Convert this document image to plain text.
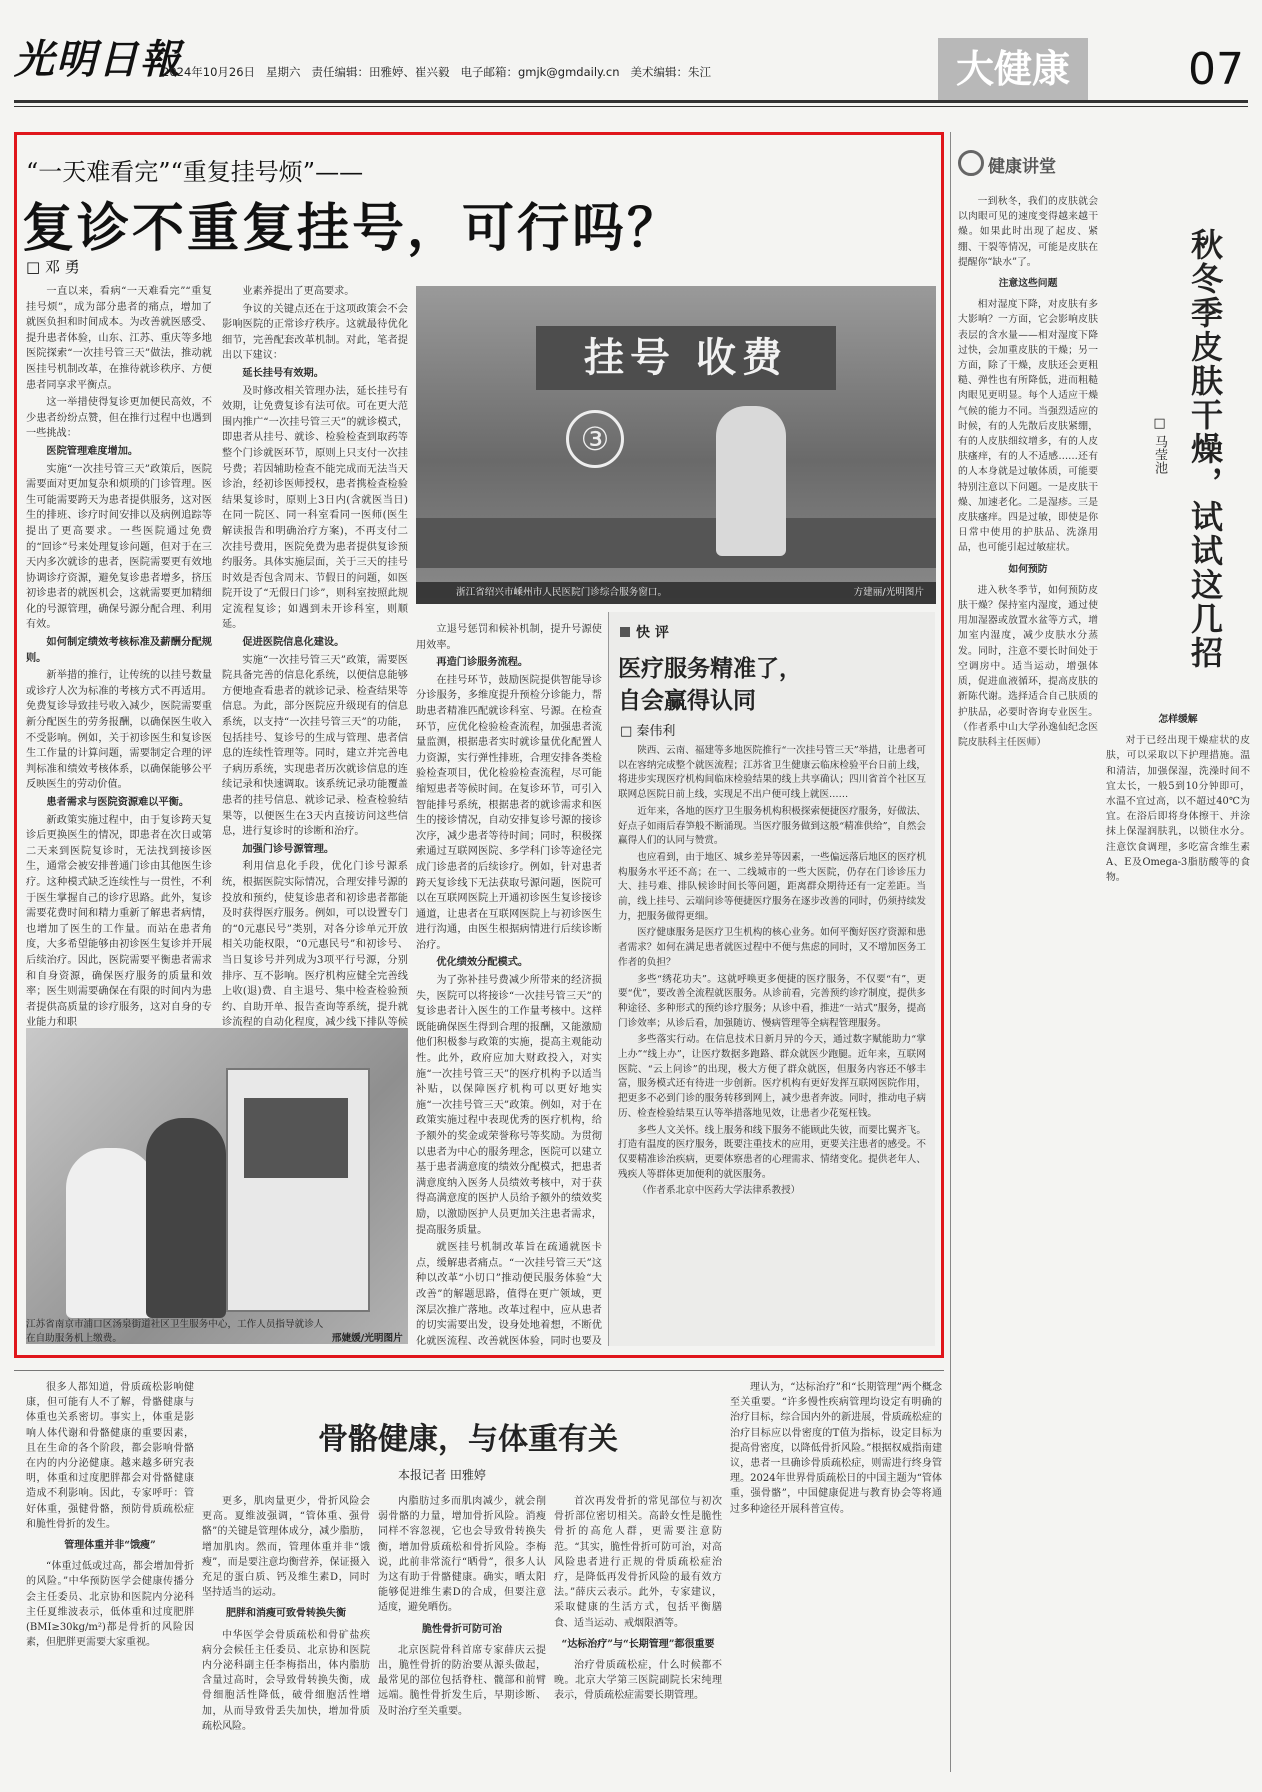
光明日報
2024年10月26日 星期六 责任编辑：田雅婷、崔兴毅 电子邮箱：gmjk@gmdaily.cn 美术编辑：朱江	大健康	07
“一天难看完”“重复挂号烦”——
复诊不重复挂号，可行吗？
□ 邓 勇

一直以来，看病“一天难看完”“重复挂号烦”，成为部分患者的痛点，增加了就医负担和时间成本。为改善就医感受、提升患者体验，山东、江苏、重庆等多地医院探索“一次挂号管三天”做法，推动就医挂号机制改革，在推待就诊秩序、方便患者同享求平衡点。

这一举措使得复诊更加便民高效，不少患者纷纷点赞，但在推行过程中也遇到一些挑战：

医院管理难度增加。

实施“一次挂号管三天”政策后，医院需要面对更加复杂和烦琐的门诊管理。医生可能需要跨天为患者提供服务，这对医生的排班、诊疗时间安排以及病例追踪等提出了更高要求。一些医院通过免费的“回诊”号来处理复诊问题，但对于在三天内多次就诊的患者，医院需要更有效地协调诊疗资源，避免复诊患者增多，挤压初诊患者的就医机会，这就需要更加精细化的号源管理，确保号源分配合理、利用有效。

如何制定绩效考核标准及薪酬分配规则。

新举措的推行，让传统的以挂号数量或诊疗人次为标准的考核方式不再适用。免费复诊导致挂号收入减少，医院需要重新分配医生的劳务报酬，以确保医生收入不受影响。例如，关于初诊医生和复诊医生工作量的计算问题，需要制定合理的评判标准和绩效考核体系，以确保能够公平反映医生的劳动价值。

患者需求与医院资源难以平衡。

新政策实施过程中，由于复诊跨天复诊后更换医生的情况，即患者在次日或第二天来到医院复诊时，无法找到接诊医生，通常会被安排普通门诊由其他医生诊疗。这种模式缺乏连续性与一贯性，不利于医生掌握自己的诊疗思路。此外，复诊需要花费时间和精力重新了解患者病情，也增加了医生的工作量。而站在患者角度，大多希望能够由初诊医生复诊并开展后续治疗。因此，医院需要平衡患者需求和自身资源，确保医疗服务的质量和效率；医生则需要确保在有限的时间内为患者提供高质量的诊疗服务，这对自身的专业能力和职

业素养提出了更高要求。

争议的关键点还在于这项政策会不会影响医院的正常诊疗秩序。这就最待优化细节，完善配套改革机制。对此，笔者提出以下建议：

延长挂号有效期。

及时修改相关管理办法，延长挂号有效期，让免费复诊有法可依。可在更大范围内推广“一次挂号管三天”的就诊模式，即患者从挂号、就诊、检验检查到取药等整个门诊就医环节，原则上只支付一次挂号费；若因辅助检查不能完成而无法当天诊治，经初诊医师授权，患者携检查检验结果复诊时，原则上3日内(含就医当日)在同一院区、同一科室看同一医师(医生解读报告和明确治疗方案)，不再支付二次挂号费用，医院免费为患者提供复诊预约服务。具体实施层面，关于三天的挂号时效是否包含周末、节假日的问题，如医院开设了“无假日门诊”，则科室按照此规定流程复诊；如遇到未开诊科室，则顺延。

促进医院信息化建设。

实施“一次挂号管三天”政策，需要医院具备完善的信息化系统，以便信息能够方便地查看患者的就诊记录、检查结果等信息。为此，部分医院应升级现有的信息系统，以支持“一次挂号管三天”的功能，包括挂号、复诊号的生成与管理、患者信息的连续性管理等。同时，建立并完善电子病历系统，实现患者历次就诊信息的连续记录和快速调取。该系统记录功能覆盖患者的挂号信息、就诊记录、检查检验结果等，以便医生在3天内直接访问这些信息，进行复诊时的诊断和治疗。

加强门诊号源管理。

利用信息化手段，优化门诊号源系统，根据医院实际情况，合理安排号源的投放和预约，使复诊患者和初诊患者都能及时获得医疗服务。例如，可以设置专门的“0元惠民号”类别，对各分诊单元开放相关功能权限，“0元惠民号”和初诊号、当日复诊号并列成为3项平行号源，分别排序、互不影响。医疗机构应健全完善线上收(退)费、自主退号、集中检查检验预约、自助开单、报告查询等系统，提升就诊流程的自动化程度，减少线下排队等候

立退号惩罚和候补机制，提升号源使用效率。

再造门诊服务流程。

在挂号环节，鼓励医院提供智能导诊分诊服务，多维度提升预检分诊能力，帮助患者精准匹配就诊科室、号源。在检查环节，应优化检验检查流程，加强患者流量监测，根据患者实时就诊量优化配置人力资源，实行弹性排班，合理安排各类检验检查项目，优化检验检查流程，尽可能缩短患者等候时间。在复诊环节，可引入智能排号系统，根据患者的就诊需求和医生的接诊情况，自动安排复诊号源的接诊次序，减少患者等待时间；同时，积极探索通过互联网医院、多学科门诊等途径完成门诊患者的后续诊疗。例如，针对患者跨天复诊线下无法获取号源问题，医院可以在互联网医院上开通初诊医生复诊接诊通道，让患者在互联网医院上与初诊医生进行沟通，由医生根据病情进行后续诊断治疗。

优化绩效分配模式。

为了弥补挂号费减少所带来的经济损失，医院可以将接诊“一次挂号管三天”的复诊患者计入医生的工作量考核中。这样既能确保医生得到合理的报酬，又能激励他们积极参与政策的实施，提高主观能动性。此外，政府应加大财政投入，对实施“一次挂号管三天”的医疗机构予以适当补贴，以保障医疗机构可以更好地实施“一次挂号管三天”政策。例如，对于在政策实施过程中表现优秀的医疗机构，给予额外的奖金或荣誉称号等奖励。为贯彻以患者为中心的服务理念，医院可以建立基于患者满意度的绩效分配模式，把患者满意度纳入医务人员绩效考核中，对于获得高满意度的医护人员给予额外的绩效奖励，以激励医护人员更加关注患者需求，提高服务质量。

就医挂号机制改革旨在疏通就医卡点，缓解患者痛点。“一次挂号管三天”这种以改革“小切口”推动便民服务体验“大改善”的解题思路，值得在更广领域，更深层次推广落地。改革过程中，应从患者的切实需要出发，设身处地着想，不断优化就医流程、改善就医体验，同时也要及

挂号 收费
③
浙江省绍兴市嵊州市人民医院门诊综合服务窗口。	方建丽/光明图片
江苏省南京市浦口区汤泉街道社区卫生服务中心，工作人员指导就诊人在自助服务机上缴费。	邢婕媛/光明图片
快 评
医疗服务精准了，
自会赢得认同
□ 秦伟利

陕西、云南、福建等多地医院推行“一次挂号管三天”举措，让患者可以在容纳完成整个就医流程；江苏省卫生健康云临床检验平台日前上线，将进步实现医疗机构间临床检验结果的线上共享确认；四川省首个社区互联网总医院日前上线，实现足不出户便可线上就医……

近年来，各地的医疗卫生服务机构积极探索便捷医疗服务，好做法、好点子如雨后春笋般不断涌现。当医疗服务做到这般“精准供给”，自然会赢得人们的认同与赞赏。

也应看到，由于地区、城乡差异等因素，一些偏远落后地区的医疗机构服务水平还不高；在一、二线城市的一些大医院，仍存在门诊诊压力大、挂号难、排队候诊时间长等问题，距离群众期待还有一定差距。当前，线上挂号、云端问诊等便捷医疗服务在逐步改善的同时，仍须持续发力，把服务做得更细。

医疗健康服务是医疗卫生机构的核心业务。如何平衡好医疗资源和患者需求？如何在满足患者就医过程中不便与焦虑的同时，又不增加医务工作者的负担？

多些“绣花功夫”。这就呼唤更多便捷的医疗服务，不仅要“有”，更要“优”，要改善全流程就医服务。从诊前看，完善预约诊疗制度，提供多种途径、多种形式的预约诊疗服务；从诊中看，推进“一站式”服务，提高门诊效率；从诊后看，加强随访、慢病管理等全病程管理服务。

多些落实行动。在信息技术日新月异的今天，通过数字赋能助力“掌上办”“线上办”，让医疗数据多跑路、群众就医少跑腿。近年来，互联网医院、“云上问诊”的出现，极大方便了群众就医，但服务内容还不够丰富，服务模式还有待进一步创新。医疗机构有更好发挥互联网医院作用，把更多不必到门诊的服务转移到网上，减少患者奔波。同时，推动电子病历、检查检验结果互认等举措落地见效，让患者少花冤枉钱。

多些人文关怀。线上服务和线下服务不能顾此失彼，而要比翼齐飞。打造有温度的医疗服务，既要注重技术的应用，更要关注患者的感受。不仅要精准诊治疾病，更要体察患者的心理需求、情绪变化。提供老年人、残疾人等群体更加便利的就医服务。

（作者系北京中医药大学法律系教授）

健康讲堂
秋冬季皮肤干燥，试试这几招
□ 马莹池

一到秋冬，我们的皮肤就会以肉眼可见的速度变得越来越干燥。如果此时出现了起皮、紧绷、干裂等情况，可能是皮肤在提醒你“缺水”了。

注意这些问题

相对湿度下降，对皮肤有多大影响？一方面，它会影响皮肤表层的含水量——相对湿度下降过快，会加重皮肤的干燥；另一方面，除了干燥，皮肤还会更粗糙、弹性也有所降低，进而粗糙肉眼见更明显。每个人适应干燥气候的能力不同。当强烈适应的时候，有的人先散后皮肤紧绷，有的人皮肤细纹增多，有的人皮肤瘙痒，有的人不适感……还有的人本身就是过敏体质，可能要特别注意以下问题。一是皮肤干燥、加速老化。二是湿疹。三是皮肤瘙痒。四是过敏，即使是你日常中使用的护肤品、洗涤用品，也可能引起过敏症状。

如何预防

进入秋冬季节，如何预防皮肤干燥？保持室内湿度，通过使用加湿器或放置水盆等方式，增加室内湿度，减少皮肤水分蒸发。同时，注意不要长时间处于空调房中。适当运动，增强体质，促进血液循环，提高皮肤的新陈代谢。选择适合自己肤质的护肤品，必要时咨询专业医生。（作者系中山大学孙逸仙纪念医院皮肤科主任医师）

怎样缓解

对于已经出现干燥症状的皮肤，可以采取以下护理措施。温和清洁，加强保湿，洗澡时间不宜太长，一般5到10分钟即可，水温不宜过高，以不超过40℃为宜。在浴后即将身体擦干、并涂抹上保湿润肤乳，以锁住水分。注意饮食调理，多吃富含维生素A、E及Omega-3脂肪酸等的食物。

骨骼健康，与体重有关
本报记者 田雅婷

很多人都知道，骨质疏松影响健康，但可能有人不了解，骨骼健康与体重也关系密切。事实上，体重是影响人体代谢和骨骼健康的重要因素，且在生命的各个阶段，都会影响骨骼在内的内分泌健康。越来越多研究表明，体重和过度肥胖都会对骨骼健康造成不利影响。因此，专家呼吁：管好体重，强健骨骼，预防骨质疏松症和脆性骨折的发生。

管理体重并非“饿瘦”

“体重过低或过高，都会增加骨折的风险。”中华预防医学会健康传播分会主任委员、北京协和医院内分泌科主任夏维波表示，低体重和过度肥胖(BMI≥30kg/m²)都是骨折的风险因素，但肥胖更需要大家重视。

更多，肌肉量更少，骨折风险会更高。夏维波强调，“管体重、强骨骼”的关键是管理体成分，减少脂肪，增加肌肉。然而，管理体重并非“饿瘦”，而是要注意均衡营养，保证摄入充足的蛋白质、钙及维生素D，同时坚持适当的运动。

肥胖和消瘦可致骨转换失衡

中华医学会骨质疏松和骨矿盐疾病分会候任主任委员、北京协和医院内分泌科副主任李梅指出，体内脂肪含量过高时，会导致骨转换失衡，成骨细胞活性降低，破骨细胞活性增加，从而导致骨丢失加快，增加骨质疏松风险。

内脂肪过多而肌肉减少，就会削弱骨骼的力量，增加骨折风险。消瘦同样不容忽视，它也会导致骨转换失衡，增加骨质疏松和骨折风险。李梅说，此前非常流行“晒骨”，很多人认为这有助于骨骼健康。确实，晒太阳能够促进维生素D的合成，但要注意适度，避免晒伤。

脆性骨折可防可治

北京医院骨科首席专家薛庆云提出，脆性骨折的防治要从源头做起，最常见的部位包括脊柱、髋部和前臂远端。脆性骨折发生后，早期诊断、及时治疗至关重要。

首次再发骨折的常见部位与初次骨折部位密切相关。高龄女性是脆性骨折的高危人群，更需要注意防范。“其实，脆性骨折可防可治，对高风险患者进行正规的骨质疏松症治疗，是降低再发骨折风险的最有效方法。”薛庆云表示。此外，专家建议，采取健康的生活方式，包括平衡膳食、适当运动、戒烟限酒等。

“达标治疗”与“长期管理”都很重要

治疗骨质疏松症，什么时候都不晚。北京大学第三医院副院长宋纯理表示，骨质疏松症需要长期管理。

理认为，“达标治疗”和“长期管理”两个概念至关重要。“许多慢性疾病管理均设定有明确的治疗目标，综合国内外的新进展，骨质疏松症的治疗目标应以骨密度的T值为指标，设定目标为提高骨密度，以降低骨折风险。”根据权威指南建议，患者一旦确诊骨质疏松症，则需进行终身管理。2024年世界骨质疏松日的中国主题为“管体重，强骨骼”，中国健康促进与教育协会等将通过多种途径开展科普宣传。
